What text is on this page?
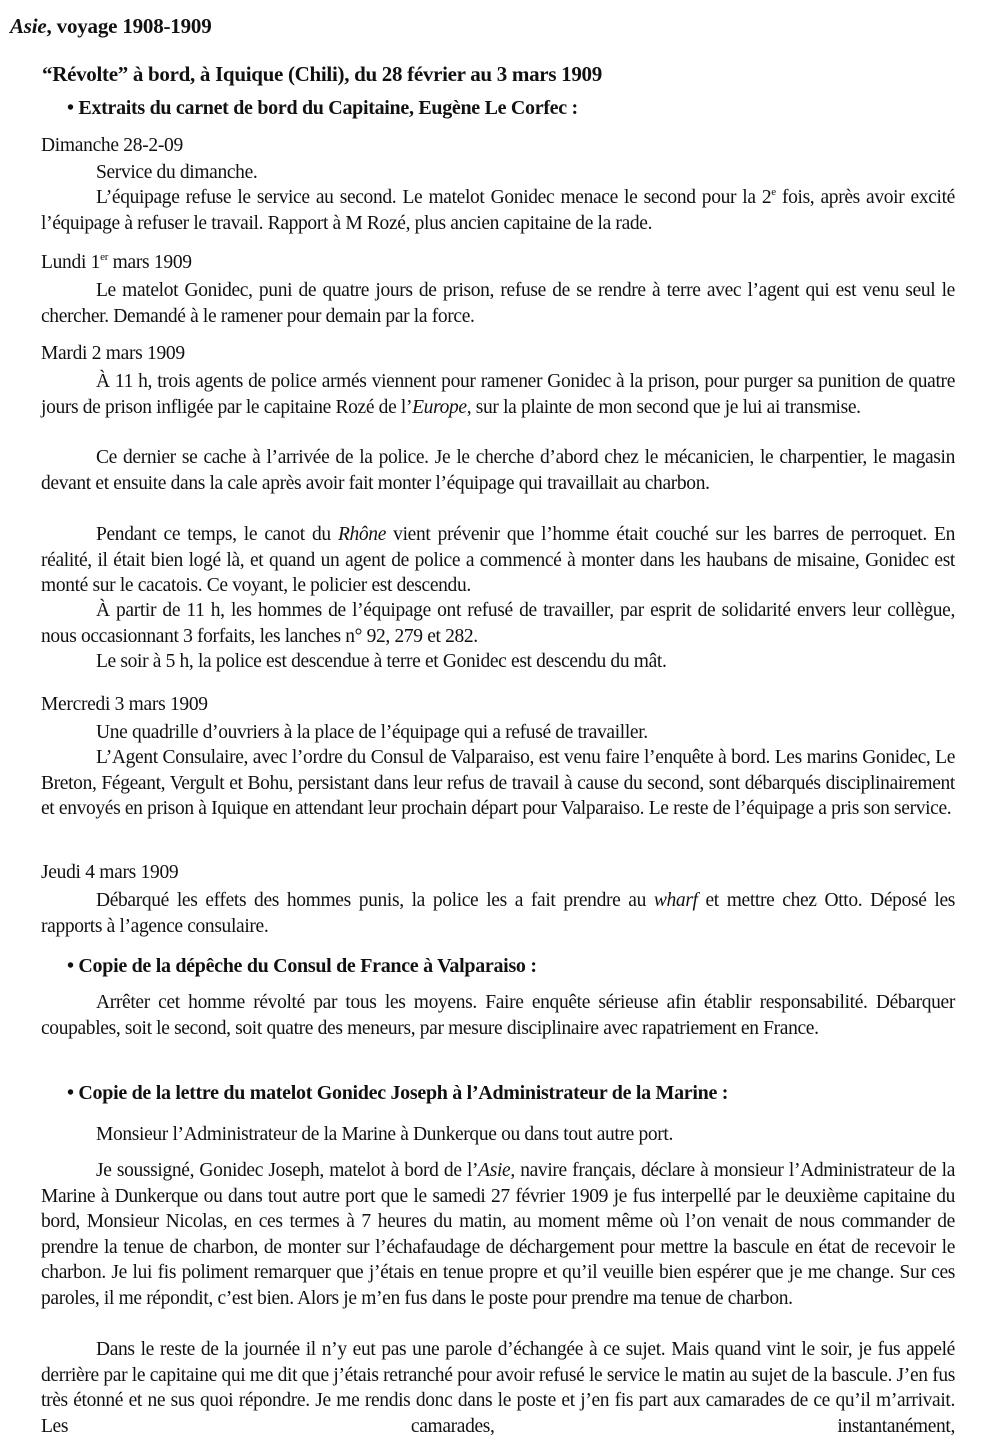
Asie, voyage 1908-1909
“Révolte” à bord, à Iquique (Chili), du 28 février au 3 mars 1909
• Extraits du carnet de bord du Capitaine, Eugène Le Corfec :
Dimanche 28-2-09
Service du dimanche.
L’équipage refuse le service au second. Le matelot Gonidec menace le second pour la 2e fois, après avoir excité l’équipage à refuser le travail. Rapport à M Rozé, plus ancien capitaine de la rade.
Lundi 1er mars 1909
Le matelot Gonidec, puni de quatre jours de prison, refuse de se rendre à terre avec l’agent qui est venu seul le chercher. Demandé à le ramener pour demain par la force.
Mardi 2 mars 1909
À 11 h, trois agents de police armés viennent pour ramener Gonidec à la prison, pour purger sa punition de quatre jours de prison infligée par le capitaine Rozé de l’Europe, sur la plainte de mon second que je lui ai transmise.
Ce dernier se cache à l’arrivée de la police. Je le cherche d’abord chez le mécanicien, le charpentier, le magasin devant et ensuite dans la cale après avoir fait monter l’équipage qui travaillait au charbon.
Pendant ce temps, le canot du Rhône vient prévenir que l’homme était couché sur les barres de perroquet. En réalité, il était bien logé là, et quand un agent de police a commencé à monter dans les haubans de misaine, Gonidec est monté sur le cacatois. Ce voyant, le policier est descendu.
À partir de 11 h, les hommes de l’équipage ont refusé de travailler, par esprit de solidarité envers leur collègue, nous occasionnant 3 forfaits, les lanches n° 92, 279 et 282.
Le soir à 5 h, la police est descendue à terre et Gonidec est descendu du mât.
Mercredi 3 mars 1909
Une quadrille d’ouvriers à la place de l’équipage qui a refusé de travailler.
L’Agent Consulaire, avec l’ordre du Consul de Valparaiso, est venu faire l’enquête à bord. Les marins Gonidec, Le Breton, Fégeant, Vergult et Bohu, persistant dans leur refus de travail à cause du second, sont débarqués disciplinairement et envoyés en prison à Iquique en attendant leur prochain départ pour Valparaiso. Le reste de l’équipage a pris son service.
Jeudi 4 mars 1909
Débarqué les effets des hommes punis, la police les a fait prendre au wharf et mettre chez Otto. Déposé les rapports à l’agence consulaire.
• Copie de la dépêche du Consul de France à Valparaiso :
Arrêter cet homme révolté par tous les moyens. Faire enquête sérieuse afin établir responsabilité. Débarquer coupables, soit le second, soit quatre des meneurs, par mesure disciplinaire avec rapatriement en France.
• Copie de la lettre du matelot Gonidec Joseph à l’Administrateur de la Marine :
Monsieur l’Administrateur de la Marine à Dunkerque ou dans tout autre port.
Je soussigné, Gonidec Joseph, matelot à bord de l’Asie, navire français, déclare à monsieur l’Administrateur de la Marine à Dunkerque ou dans tout autre port que le samedi 27 février 1909 je fus interpellé par le deuxième capitaine du bord, Monsieur Nicolas, en ces termes à 7 heures du matin, au moment même où l’on venait de nous commander de prendre la tenue de charbon, de monter sur l’échafaudage de déchargement pour mettre la bascule en état de recevoir le charbon. Je lui fis poliment remarquer que j’étais en tenue propre et qu’il veuille bien espérer que je me change. Sur ces paroles, il me répondit, c’est bien. Alors je m’en fus dans le poste pour prendre ma tenue de charbon.
Dans le reste de la journée il n’y eut pas une parole d’échangée à ce sujet. Mais quand vint le soir, je fus appelé derrière par le capitaine qui me dit que j’étais retranché pour avoir refusé le service le matin au sujet de la bascule. J’en fus très étonné et ne sus quoi répondre. Je me rendis donc dans le poste et j’en fis part aux camarades de ce qu’il m’arrivait. Les camarades, instantanément,
